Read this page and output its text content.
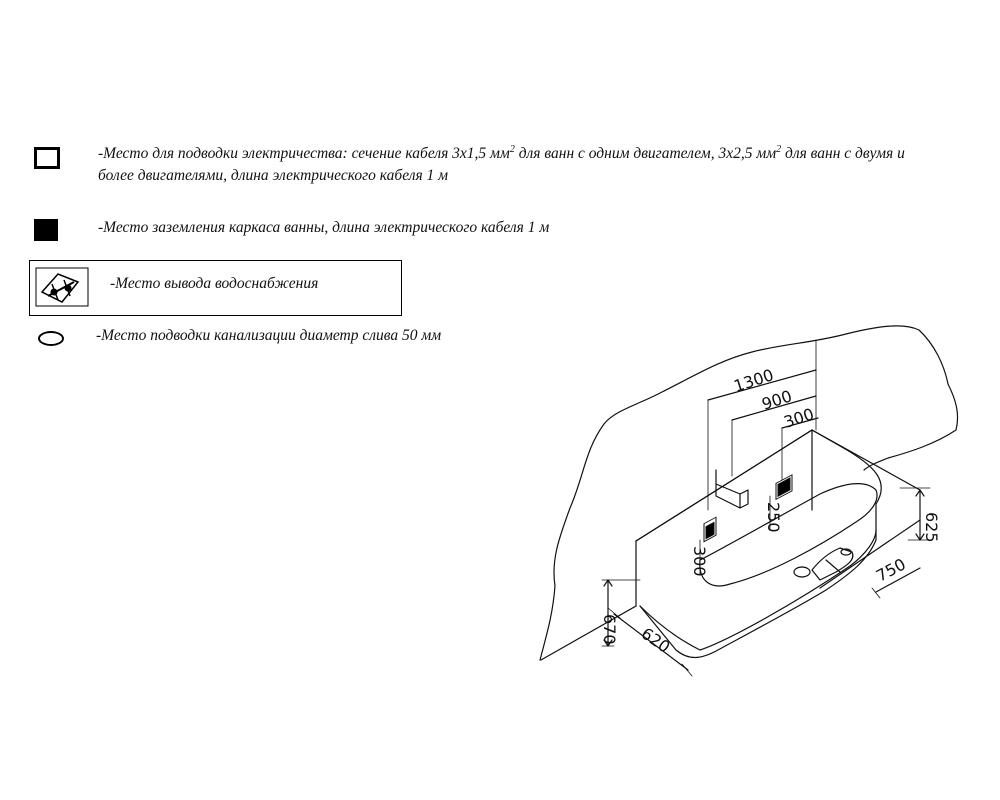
-Место для подводки электричества: сечение кабеля 3х1,5 $мм^2$ для ванн с одним двигателем, 3х2,5 $мм^2$ для ванн с двумя и
более двигателями, длина электрического кабеля 1 м
-Место заземления каркаса ванны, длина электрического кабеля 1 м
-Место вывода водоснабжения
-Место подводки канализации диаметр слива 50 мм
1300
900
300
670 620
625
750
300
250
